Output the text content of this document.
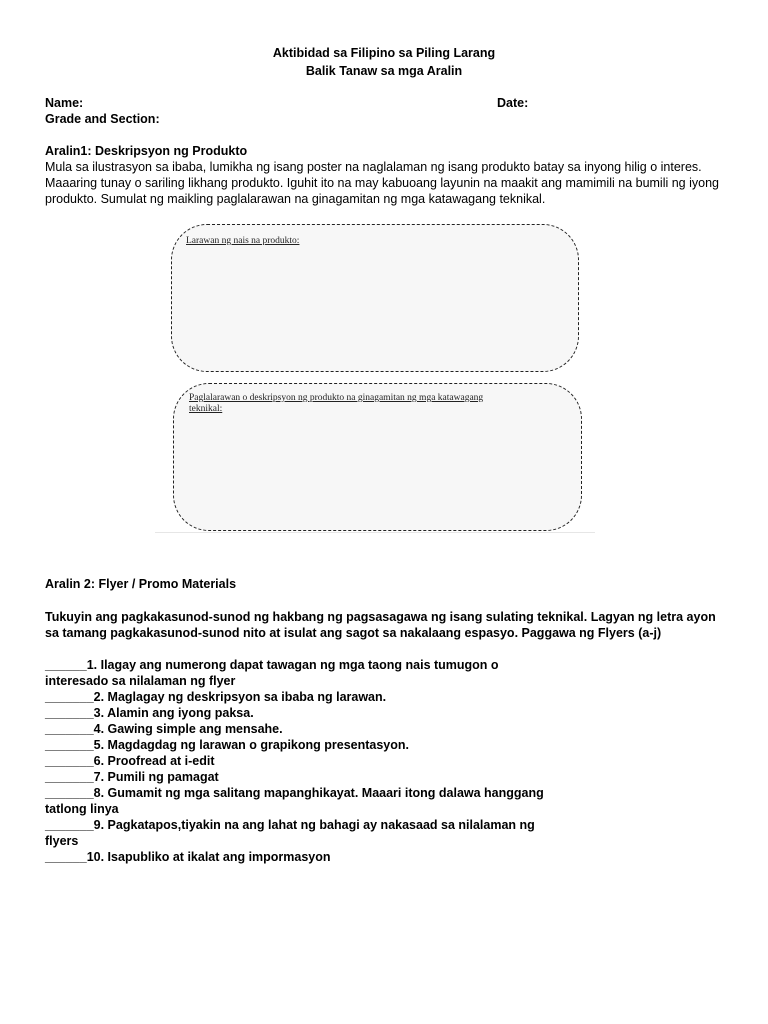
Aktibidad sa Filipino sa Piling Larang
Balik Tanaw sa mga Aralin
Name:	Date:
Grade and Section:
Aralin1: Deskripsyon ng Produkto
Mula sa ilustrasyon sa ibaba, lumikha ng isang poster na naglalaman ng isang produkto batay sa inyong hilig o interes.
Maaaring tunay o sariling likhang produkto. Iguhit ito na may kabuoang layunin na maakit ang mamimili na bumili ng iyong
produkto. Sumulat ng maikling paglalarawan na ginagamitan ng mga katawagang teknikal.
Larawan ng nais na produkto:
Paglalarawan o deskripsyon ng produkto na ginagamitan ng mga katawagang
teknikal:
Aralin 2: Flyer / Promo Materials
Tukuyin ang pagkakasunod-sunod ng hakbang ng pagsasagawa ng isang sulating teknikal. Lagyan ng letra ayon
sa tamang pagkakasunod-sunod nito at isulat ang sagot sa nakalaang espasyo. Paggawa ng Flyers (a-j)
______1. Ilagay ang numerong dapat tawagan ng mga taong nais tumugon o
interesado sa nilalaman ng flyer
_______2. Maglagay ng deskripsyon sa ibaba ng larawan.
_______3. Alamin ang iyong paksa.
_______4. Gawing simple ang mensahe.
_______5. Magdagdag ng larawan o grapikong presentasyon.
_______6. Proofread at i-edit
_______7. Pumili ng pamagat
_______8. Gumamit ng mga salitang mapanghikayat. Maaari itong dalawa hanggang
tatlong linya
_______9. Pagkatapos,tiyakin na ang lahat ng bahagi ay nakasaad sa nilalaman ng
flyers
______10. Isapubliko at ikalat ang impormasyon
